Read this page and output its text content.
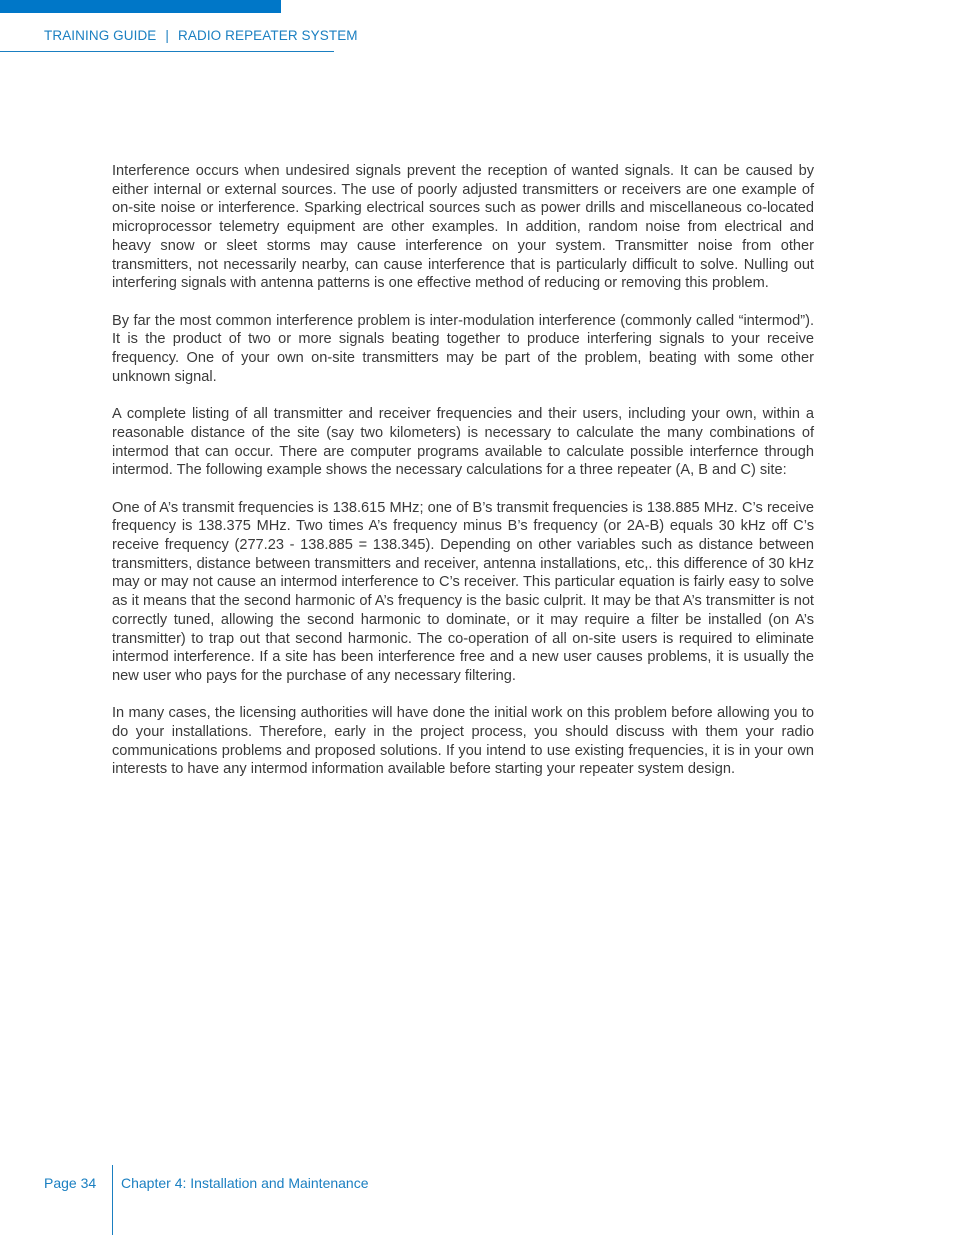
TRAINING GUIDE | RADIO REPEATER SYSTEM

Interference occurs when undesired signals prevent the reception of wanted signals. It can be caused by either internal or external sources. The use of poorly adjusted transmitters or receivers are one example of on-site noise or interference. Sparking electrical sources such as power drills and miscellaneous co-located microprocessor telemetry equipment are other examples. In addition, random noise from electrical and heavy snow or sleet storms may cause interference on your system. Transmitter noise from other transmitters, not necessarily nearby, can cause interference that is particularly difficult to solve. Nulling out interfering signals with antenna patterns is one effective method of reducing or removing this problem.

By far the most common interference problem is inter-modulation interference (commonly called “intermod”). It is the product of two or more signals beating together to produce interfering signals to your receive frequency. One of your own on-site transmitters may be part of the problem, beating with some other unknown signal.

A complete listing of all transmitter and receiver frequencies and their users, including your own, within a reasonable distance of the site (say two kilometers) is necessary to calculate the many combinations of intermod that can occur. There are computer programs available to calculate possible interfernce through intermod. The following example shows the necessary calculations for a three repeater (A, B and C) site:

One of A’s transmit frequencies is 138.615 MHz; one of B’s transmit frequencies is 138.885 MHz. C’s receive frequency is 138.375 MHz. Two times A’s frequency minus B’s frequency (or 2A-B) equals 30 kHz off C’s receive frequency (277.23 - 138.885 = 138.345). Depending on other variables such as distance between transmitters, distance between transmitters and receiver, antenna installations, etc,. this difference of 30 kHz may or may not cause an intermod interference to C’s receiver. This particular equation is fairly easy to solve as it means that the second harmonic of A’s frequency is the basic culprit. It may be that A’s transmitter is not correctly tuned, allowing the second harmonic to dominate, or it may require a filter be installed (on A’s transmitter) to trap out that second harmonic. The co-operation of all on-site users is required to eliminate intermod interference. If a site has been interference free and a new user causes problems, it is usually the new user who pays for the purchase of any necessary filtering.

In many cases, the licensing authorities will have done the initial work on this problem before allowing you to do your installations. Therefore, early in the project process, you should discuss with them your radio communications problems and proposed solutions. If you intend to use existing frequencies, it is in your own interests to have any intermod information available before starting your repeater system design.

Page 34 Chapter 4: Installation and Maintenance
